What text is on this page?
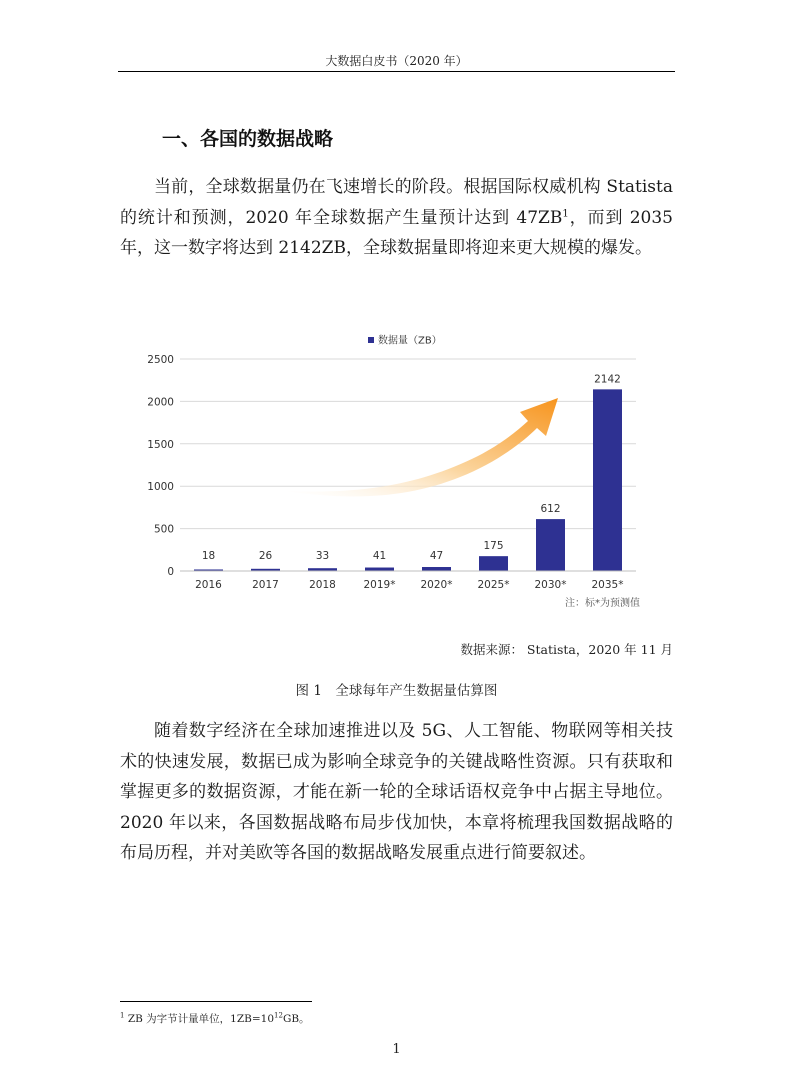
大数据白皮书（2020 年）
一、各国的数据战略

当前，全球数据量仍在飞速增长的阶段。根据国际权威机构 Statista 的统计和预测，2020 年全球数据产生量预计达到 47ZB$^1$，而到 2035 年，这一数字将达到 2142ZB，全球数据量即将迎来更大规模的爆发。

0
500
1000
1500
2000
2500
18
2016
26
2017
33
2018
41
2019*
47
2020*
175
2025*
612
2030*
2142
2035*
数据量（ZB）
注：标*为预测值
数据来源： Statista，2020 年 11 月
图 1　全球每年产生数据量估算图

随着数字经济在全球加速推进以及 5G、人工智能、物联网等相关技术的快速发展，数据已成为影响全球竞争的关键战略性资源。只有获取和掌握更多的数据资源，才能在新一轮的全球话语权竞争中占据主导地位。2020 年以来，各国数据战略布局步伐加快，本章将梳理我国数据战略的布局历程，并对美欧等各国的数据战略发展重点进行简要叙述。

$^1$ ZB 为字节计量单位，$1ZB=10^{12}GB$。
1
